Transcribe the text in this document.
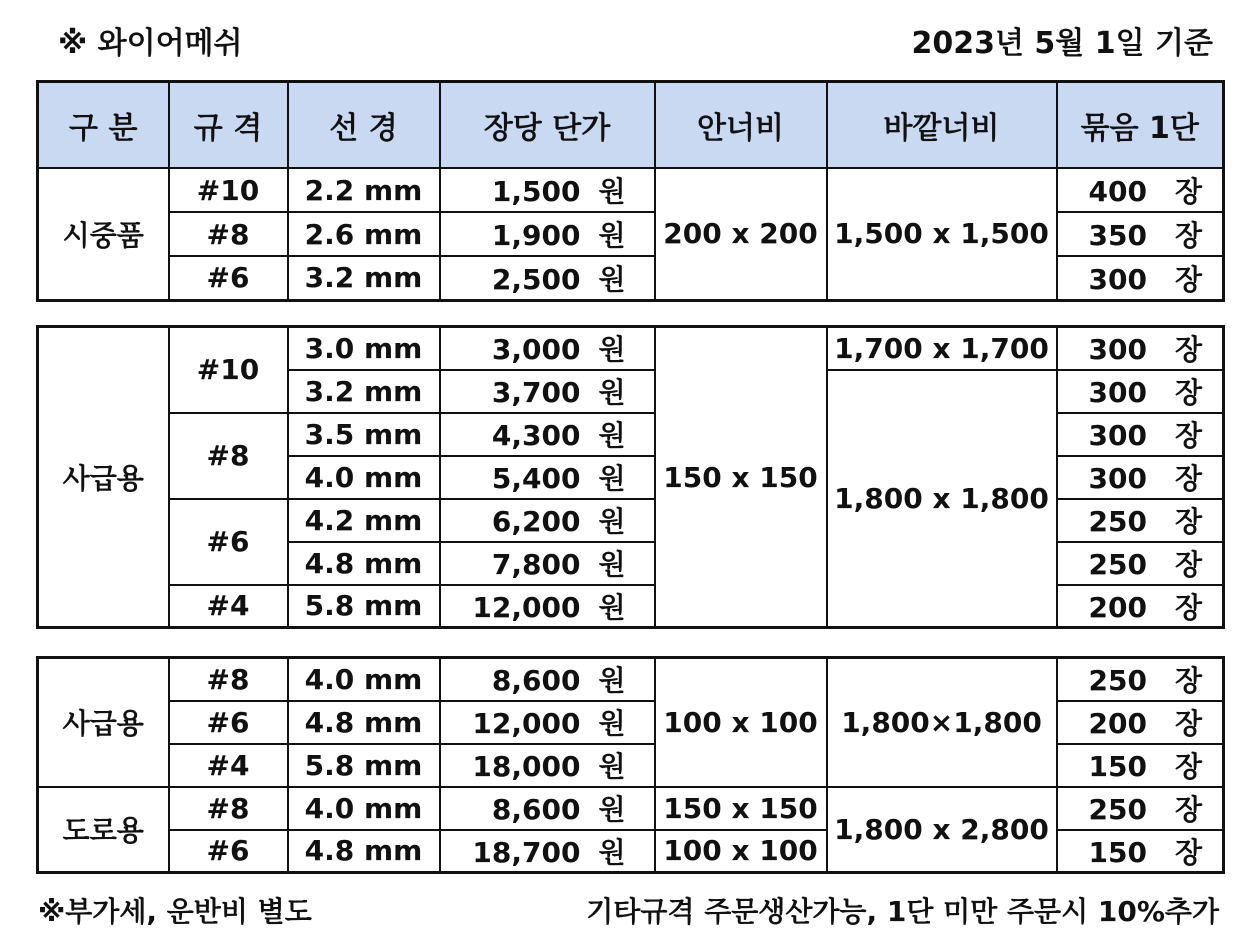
※ 와이어메쉬	2023년 5월 1일 기준
구 분	규 격	선 경	장당 단가	안너비	바깥너비	묶음 1단
시중품	#10	2.2 mm	1,500 원	200 x 200	1,500 x 1,500	400 장
	#8	2.6 mm	1,900 원			350 장
	#6	3.2 mm	2,500 원			300 장
사급용	#10	3.0 mm	3,000 원	150 x 150	1,700 x 1,700	300 장
		3.2 mm	3,700 원		1,800 x 1,800	300 장
	#8	3.5 mm	4,300 원			300 장
		4.0 mm	5,400 원			300 장
	#6	4.2 mm	6,200 원			250 장
		4.8 mm	7,800 원			250 장
	#4	5.8 mm	12,000 원			200 장
사급용	#8	4.0 mm	8,600 원	100 x 100	1,800×1,800	250 장
	#6	4.8 mm	12,000 원			200 장
	#4	5.8 mm	18,000 원			150 장
도로용	#8	4.0 mm	8,600 원	150 x 150	1,800 x 2,800	250 장
	#6	4.8 mm	18,700 원	100 x 100		150 장
※부가세, 운반비 별도	기타규격 주문생산가능, 1단 미만 주문시 10%추가
